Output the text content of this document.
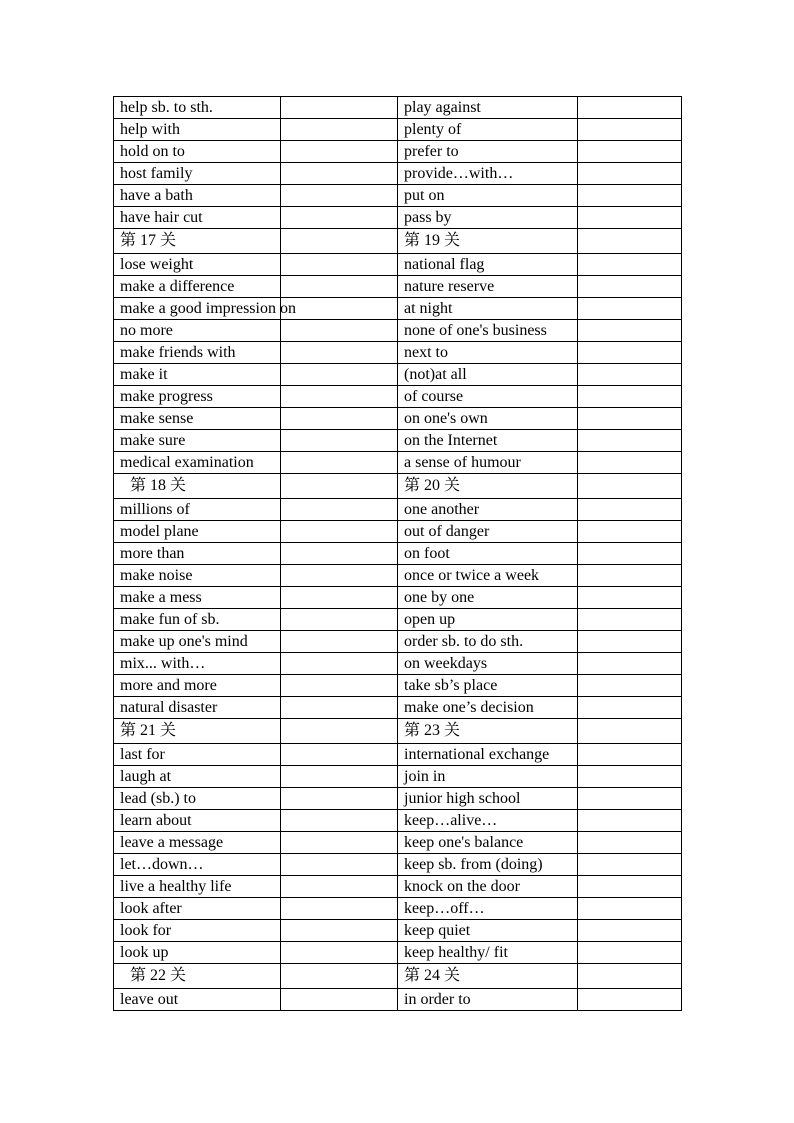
help sb. to sth.		play against	
help with		plenty of	
hold on to		prefer to	
host family		provide…with…	
have a bath		put on	
have hair cut		pass by	
第 17 关		第 19 关	
lose weight		national flag	
make a difference		nature reserve	
make a good impression on		at night	
no more		none of one's business	
make friends with		next to	
make it		(not)at all	
make progress		of course	
make sense		on one's own	
make sure		on the Internet	
medical examination		a sense of humour	
第 18 关		第 20 关	
millions of		one another	
model plane		out of danger	
more than		on foot	
make noise		once or twice a week	
make a mess		one by one	
make fun of sb.		open up	
make up one's mind		order sb. to do sth.	
mix... with…		on weekdays	
more and more		take sb’s place	
natural disaster		make one’s decision	
第 21 关		第 23 关	
last for		international exchange	
laugh at		join in	
lead (sb.) to		junior high school	
learn about		keep…alive…	
leave a message		keep one's balance	
let…down…		keep sb. from (doing)	
live a healthy life		knock on the door	
look after		keep…off…	
look for		keep quiet	
look up		keep healthy/ fit	
第 22 关		第 24 关	
leave out		in order to	
